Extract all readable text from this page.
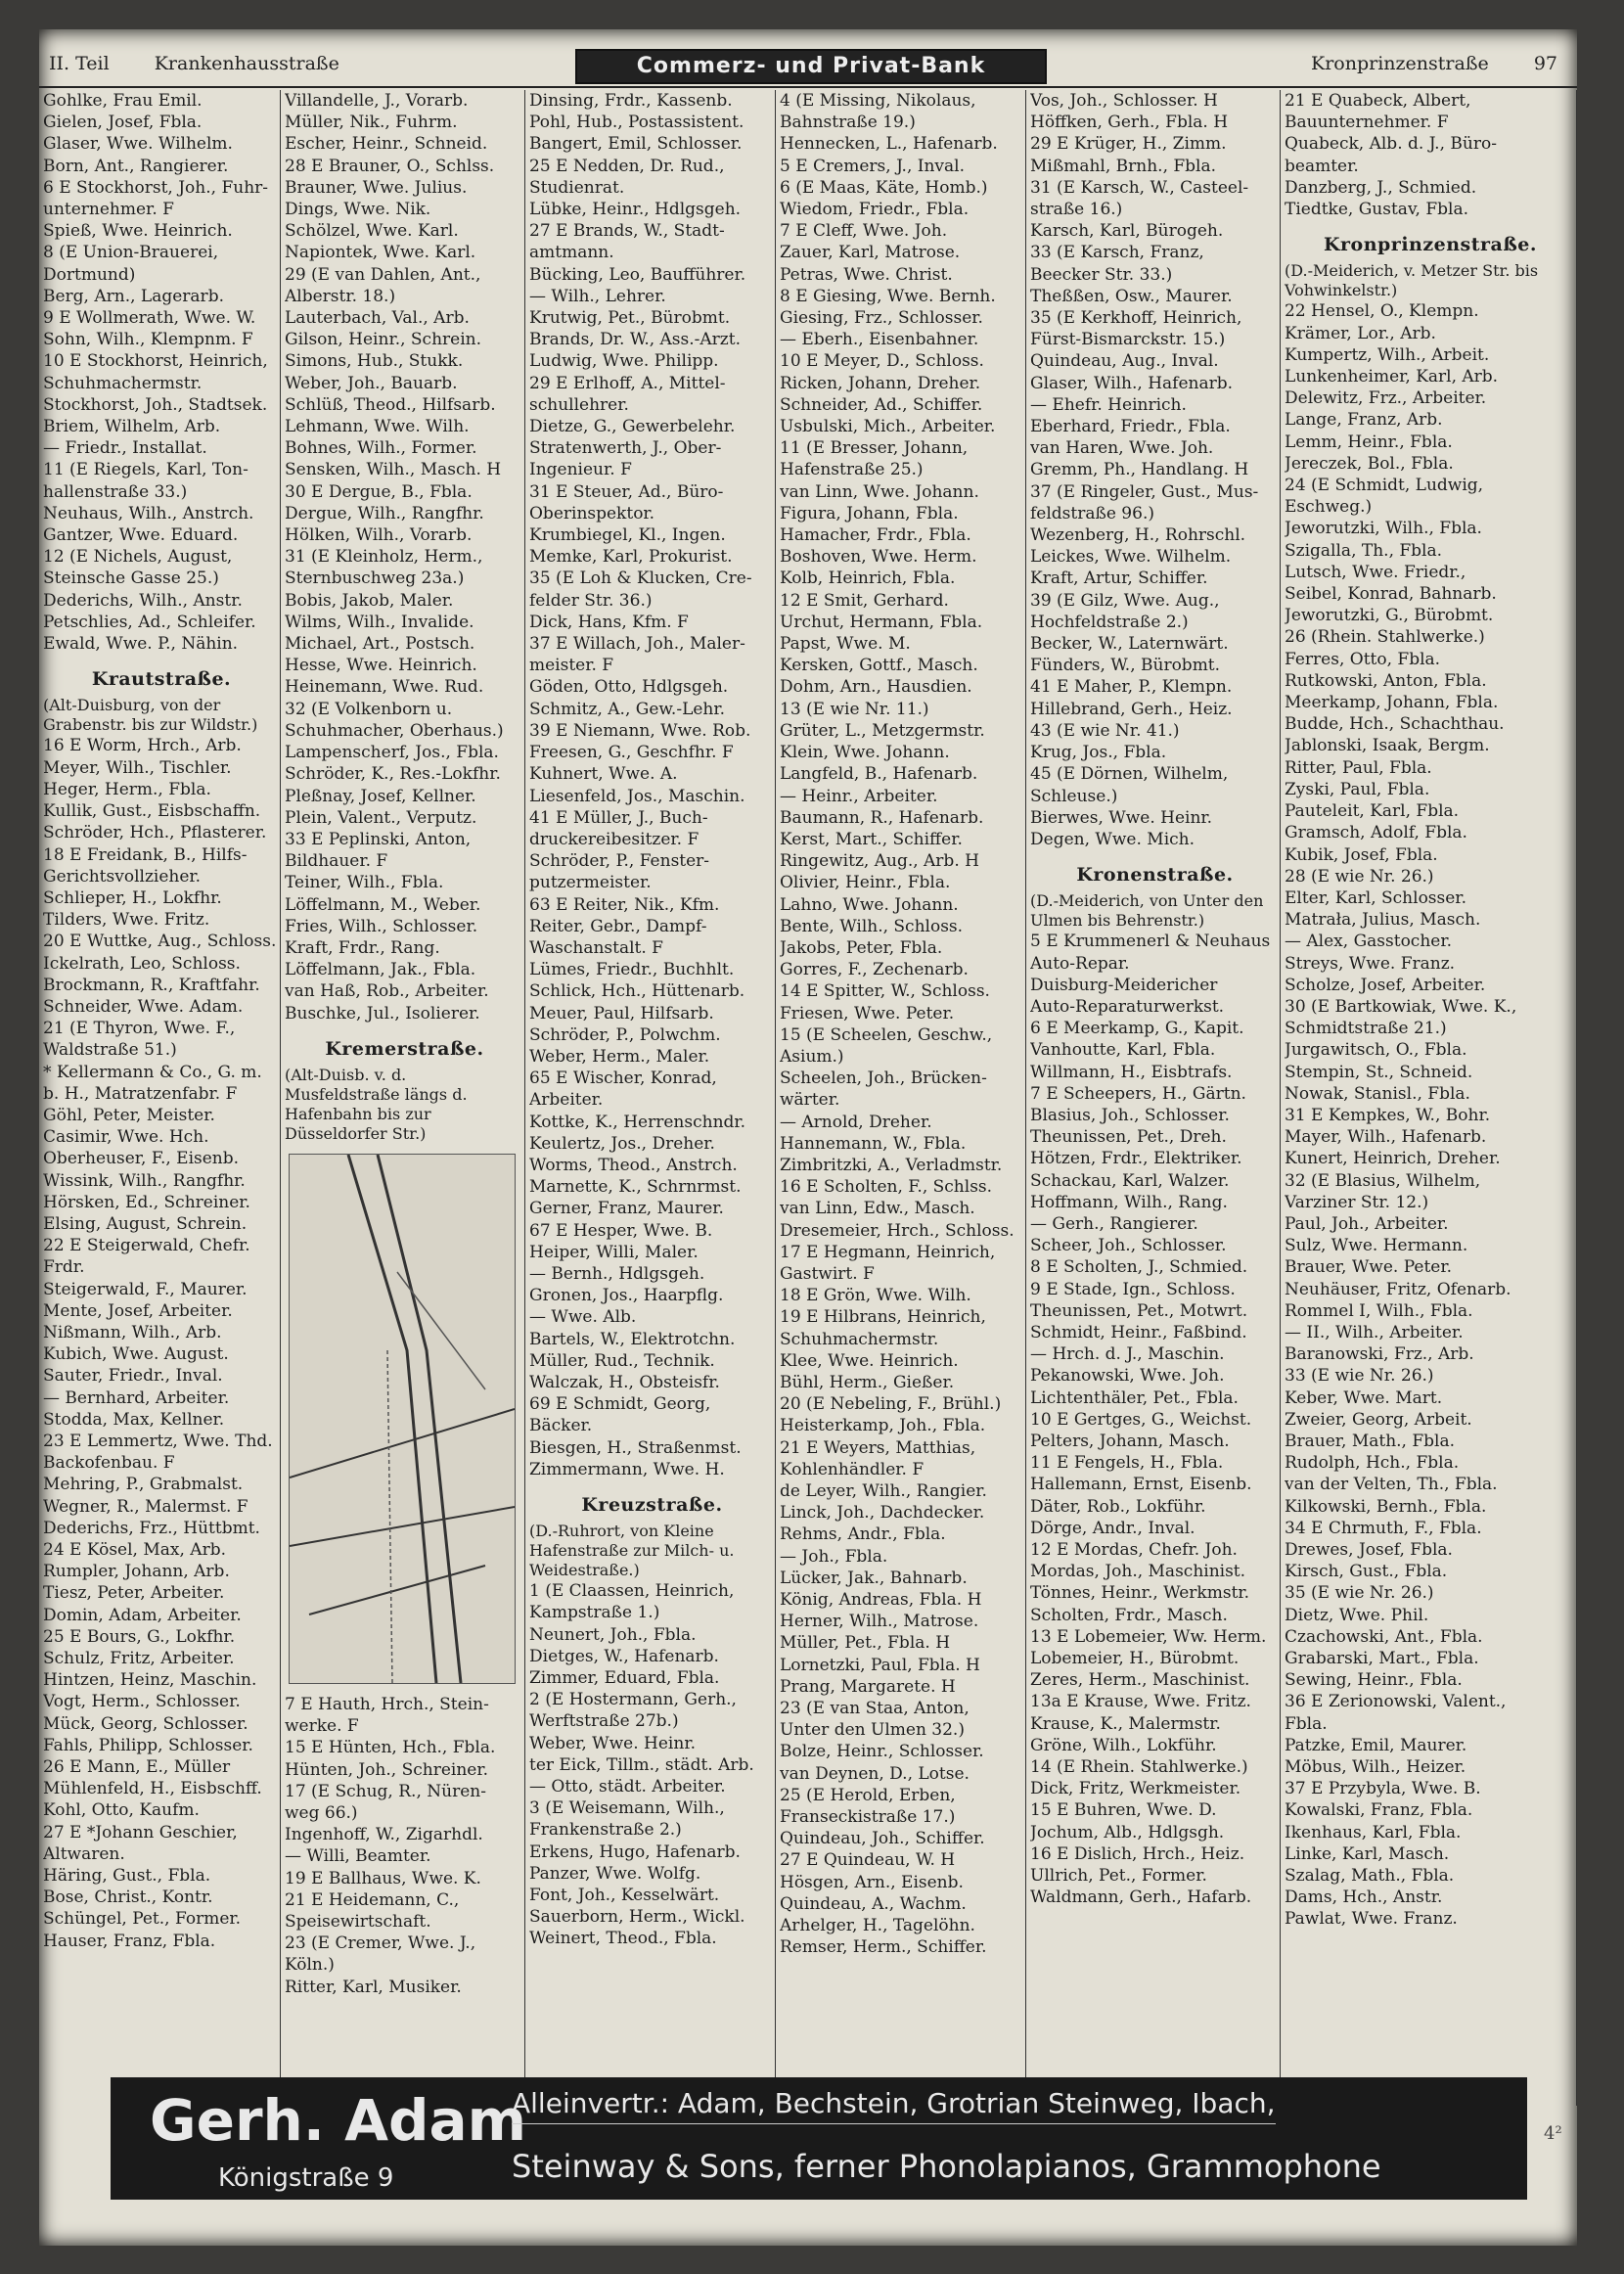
II. Teil Krankenhausstraße	Commerz- und Privat-Bank	Kronprinzenstraße 97
Gohlke, Frau Emil.
Gielen, Josef, Fbla.
Glaser, Wwe. Wilhelm.
Born, Ant., Rangierer.
6 E Stockhorst, Joh., Fuhr-
unternehmer. F
Spieß, Wwe. Heinrich.
8 (E Union-Brauerei,
Dortmund)
Berg, Arn., Lagerarb.
9 E Wollmerath, Wwe. W.
Sohn, Wilh., Klempnm. F
10 E Stockhorst, Heinrich,
Schuhmachermstr.
Stockhorst, Joh., Stadtsek.
Briem, Wilhelm, Arb.
— Friedr., Installat.
11 (E Riegels, Karl, Ton-
hallenstraße 33.)
Neuhaus, Wilh., Anstrch.
Gantzer, Wwe. Eduard.
12 (E Nichels, August,
Steinsche Gasse 25.)
Dederichs, Wilh., Anstr.
Petschlies, Ad., Schleifer.
Ewald, Wwe. P., Nähin.
Krautstraße.
(Alt-Duisburg, von der Grabenstr. bis zur Wildstr.)
16 E Worm, Hrch., Arb.
Meyer, Wilh., Tischler.
Heger, Herm., Fbla.
Kullik, Gust., Eisbschaffn.
Schröder, Hch., Pflasterer.
18 E Freidank, B., Hilfs-
Gerichtsvollzieher.
Schlieper, H., Lokfhr.
Tilders, Wwe. Fritz.
20 E Wuttke, Aug., Schloss.
Ickelrath, Leo, Schloss.
Brockmann, R., Kraftfahr.
Schneider, Wwe. Adam.
21 (E Thyron, Wwe. F.,
Waldstraße 51.)
* Kellermann & Co., G. m.
b. H., Matratzenfabr. F
Göhl, Peter, Meister.
Casimir, Wwe. Hch.
Oberheuser, F., Eisenb.
Wissink, Wilh., Rangfhr.
Hörsken, Ed., Schreiner.
Elsing, August, Schrein.
22 E Steigerwald, Chefr.
Frdr.
Steigerwald, F., Maurer.
Mente, Josef, Arbeiter.
Nißmann, Wilh., Arb.
Kubich, Wwe. August.
Sauter, Friedr., Inval.
— Bernhard, Arbeiter.
Stodda, Max, Kellner.
23 E Lemmertz, Wwe. Thd.
Backofenbau. F
Mehring, P., Grabmalst.
Wegner, R., Malermst. F
Dederichs, Frz., Hüttbmt.
24 E Kösel, Max, Arb.
Rumpler, Johann, Arb.
Tiesz, Peter, Arbeiter.
Domin, Adam, Arbeiter.
25 E Bours, G., Lokfhr.
Schulz, Fritz, Arbeiter.
Hintzen, Heinz, Maschin.
Vogt, Herm., Schlosser.
Mück, Georg, Schlosser.
Fahls, Philipp, Schlosser.
26 E Mann, E., Müller
Mühlenfeld, H., Eisbschff.
Kohl, Otto, Kaufm.
27 E *Johann Geschier,
Altwaren.
Häring, Gust., Fbla.
Bose, Christ., Kontr.
Schüngel, Pet., Former.
Hauser, Franz, Fbla.
Villandelle, J., Vorarb.
Müller, Nik., Fuhrm.
Escher, Heinr., Schneid.
28 E Brauner, O., Schlss.
Brauner, Wwe. Julius.
Dings, Wwe. Nik.
Schölzel, Wwe. Karl.
Napiontek, Wwe. Karl.
29 (E van Dahlen, Ant.,
Alberstr. 18.)
Lauterbach, Val., Arb.
Gilson, Heinr., Schrein.
Simons, Hub., Stukk.
Weber, Joh., Bauarb.
Schlüß, Theod., Hilfsarb.
Lehmann, Wwe. Wilh.
Bohnes, Wilh., Former.
Sensken, Wilh., Masch. H
30 E Dergue, B., Fbla.
Dergue, Wilh., Rangfhr.
Hölken, Wilh., Vorarb.
31 (E Kleinholz, Herm.,
Sternbuschweg 23a.)
Bobis, Jakob, Maler.
Wilms, Wilh., Invalide.
Michael, Art., Postsch.
Hesse, Wwe. Heinrich.
Heinemann, Wwe. Rud.
32 (E Volkenborn u.
Schuhmacher, Oberhaus.)
Lampenscherf, Jos., Fbla.
Schröder, K., Res.-Lokfhr.
Pleßnay, Josef, Kellner.
Plein, Valent., Verputz.
33 E Peplinski, Anton,
Bildhauer. F
Teiner, Wilh., Fbla.
Löffelmann, M., Weber.
Fries, Wilh., Schlosser.
Kraft, Frdr., Rang.
Löffelmann, Jak., Fbla.
van Haß, Rob., Arbeiter.
Buschke, Jul., Isolierer.
Kremerstraße.
(Alt-Duisb. v. d. Musfeldstraße längs d. Hafenbahn bis zur Düsseldorfer Str.)
7 E Hauth, Hrch., Stein-
werke. F
15 E Hünten, Hch., Fbla.
Hünten, Joh., Schreiner.
17 (E Schug, R., Nüren-
weg 66.)
Ingenhoff, W., Zigarhdl.
— Willi, Beamter.
19 E Ballhaus, Wwe. K.
21 E Heidemann, C.,
Speisewirtschaft.
23 (E Cremer, Wwe. J.,
Köln.)
Ritter, Karl, Musiker.
Dinsing, Frdr., Kassenb.
Pohl, Hub., Postassistent.
Bangert, Emil, Schlosser.
25 E Nedden, Dr. Rud.,
Studienrat.
Lübke, Heinr., Hdlgsgeh.
27 E Brands, W., Stadt-
amtmann.
Bücking, Leo, Baufführer.
— Wilh., Lehrer.
Krutwig, Pet., Bürobmt.
Brands, Dr. W., Ass.-Arzt.
Ludwig, Wwe. Philipp.
29 E Erlhoff, A., Mittel-
schullehrer.
Dietze, G., Gewerbelehr.
Stratenwerth, J., Ober-
Ingenieur. F
31 E Steuer, Ad., Büro-
Oberinspektor.
Krumbiegel, Kl., Ingen.
Memke, Karl, Prokurist.
35 (E Loh & Klucken, Cre-
felder Str. 36.)
Dick, Hans, Kfm. F
37 E Willach, Joh., Maler-
meister. F
Göden, Otto, Hdlgsgeh.
Schmitz, A., Gew.-Lehr.
39 E Niemann, Wwe. Rob.
Freesen, G., Geschfhr. F
Kuhnert, Wwe. A.
Liesenfeld, Jos., Maschin.
41 E Müller, J., Buch-
druckereibesitzer. F
Schröder, P., Fenster-
putzermeister.
63 E Reiter, Nik., Kfm.
Reiter, Gebr., Dampf-
Waschanstalt. F
Lümes, Friedr., Buchhlt.
Schlick, Hch., Hüttenarb.
Meuer, Paul, Hilfsarb.
Schröder, P., Polwchm.
Weber, Herm., Maler.
65 E Wischer, Konrad,
Arbeiter.
Kottke, K., Herrenschndr.
Keulertz, Jos., Dreher.
Worms, Theod., Anstrch.
Marnette, K., Schrnrmst.
Gerner, Franz, Maurer.
67 E Hesper, Wwe. B.
Heiper, Willi, Maler.
— Bernh., Hdlgsgeh.
Gronen, Jos., Haarpflg.
— Wwe. Alb.
Bartels, W., Elektrotchn.
Müller, Rud., Technik.
Walczak, H., Obsteisfr.
69 E Schmidt, Georg,
Bäcker.
Biesgen, H., Straßenmst.
Zimmermann, Wwe. H.
Kreuzstraße.
(D.-Ruhrort, von Kleine Hafenstraße zur Milch- u. Weidestraße.)
1 (E Claassen, Heinrich,
Kampstraße 1.)
Neunert, Joh., Fbla.
Dietges, W., Hafenarb.
Zimmer, Eduard, Fbla.
2 (E Hostermann, Gerh.,
Werftstraße 27b.)
Weber, Wwe. Heinr.
ter Eick, Tillm., städt. Arb.
— Otto, städt. Arbeiter.
3 (E Weisemann, Wilh.,
Frankenstraße 2.)
Erkens, Hugo, Hafenarb.
Panzer, Wwe. Wolfg.
Font, Joh., Kesselwärt.
Sauerborn, Herm., Wickl.
Weinert, Theod., Fbla.
4 (E Missing, Nikolaus,
Bahnstraße 19.)
Hennecken, L., Hafenarb.
5 E Cremers, J., Inval.
6 (E Maas, Käte, Homb.)
Wiedom, Friedr., Fbla.
7 E Cleff, Wwe. Joh.
Zauer, Karl, Matrose.
Petras, Wwe. Christ.
8 E Giesing, Wwe. Bernh.
Giesing, Frz., Schlosser.
— Eberh., Eisenbahner.
10 E Meyer, D., Schloss.
Ricken, Johann, Dreher.
Schneider, Ad., Schiffer.
Usbulski, Mich., Arbeiter.
11 (E Bresser, Johann,
Hafenstraße 25.)
van Linn, Wwe. Johann.
Figura, Johann, Fbla.
Hamacher, Frdr., Fbla.
Boshoven, Wwe. Herm.
Kolb, Heinrich, Fbla.
12 E Smit, Gerhard.
Urchut, Hermann, Fbla.
Papst, Wwe. M.
Kersken, Gottf., Masch.
Dohm, Arn., Hausdien.
13 (E wie Nr. 11.)
Grüter, L., Metzgermstr.
Klein, Wwe. Johann.
Langfeld, B., Hafenarb.
— Heinr., Arbeiter.
Baumann, R., Hafenarb.
Kerst, Mart., Schiffer.
Ringewitz, Aug., Arb. H
Olivier, Heinr., Fbla.
Lahno, Wwe. Johann.
Bente, Wilh., Schloss.
Jakobs, Peter, Fbla.
Gorres, F., Zechenarb.
14 E Spitter, W., Schloss.
Friesen, Wwe. Peter.
15 (E Scheelen, Geschw.,
Asium.)
Scheelen, Joh., Brücken-
wärter.
— Arnold, Dreher.
Hannemann, W., Fbla.
Zimbritzki, A., Verladmstr.
16 E Scholten, F., Schlss.
van Linn, Edw., Masch.
Dresemeier, Hrch., Schloss.
17 E Hegmann, Heinrich,
Gastwirt. F
18 E Grön, Wwe. Wilh.
19 E Hilbrans, Heinrich,
Schuhmachermstr.
Klee, Wwe. Heinrich.
Bühl, Herm., Gießer.
20 (E Nebeling, F., Brühl.)
Heisterkamp, Joh., Fbla.
21 E Weyers, Matthias,
Kohlenhändler. F
de Leyer, Wilh., Rangier.
Linck, Joh., Dachdecker.
Rehms, Andr., Fbla.
— Joh., Fbla.
Lücker, Jak., Bahnarb.
König, Andreas, Fbla. H
Herner, Wilh., Matrose.
Müller, Pet., Fbla. H
Lornetzki, Paul, Fbla. H
Prang, Margarete. H
23 (E van Staa, Anton,
Unter den Ulmen 32.)
Bolze, Heinr., Schlosser.
van Deynen, D., Lotse.
25 (E Herold, Erben,
Franseckistraße 17.)
Quindeau, Joh., Schiffer.
27 E Quindeau, W. H
Hösgen, Arn., Eisenb.
Quindeau, A., Wachm.
Arhelger, H., Tagelöhn.
Remser, Herm., Schiffer.
Vos, Joh., Schlosser. H
Höffken, Gerh., Fbla. H
29 E Krüger, H., Zimm.
Mißmahl, Brnh., Fbla.
31 (E Karsch, W., Casteel-
straße 16.)
Karsch, Karl, Bürogeh.
33 (E Karsch, Franz,
Beecker Str. 33.)
Theßßen, Osw., Maurer.
35 (E Kerkhoff, Heinrich,
Fürst-Bismarckstr. 15.)
Quindeau, Aug., Inval.
Glaser, Wilh., Hafenarb.
— Ehefr. Heinrich.
Eberhard, Friedr., Fbla.
van Haren, Wwe. Joh.
Gremm, Ph., Handlang. H
37 (E Ringeler, Gust., Mus-
feldstraße 96.)
Wezenberg, H., Rohrschl.
Leickes, Wwe. Wilhelm.
Kraft, Artur, Schiffer.
39 (E Gilz, Wwe. Aug.,
Hochfeldstraße 2.)
Becker, W., Laternwärt.
Fünders, W., Bürobmt.
41 E Maher, P., Klempn.
Hillebrand, Gerh., Heiz.
43 (E wie Nr. 41.)
Krug, Jos., Fbla.
45 (E Dörnen, Wilhelm,
Schleuse.)
Bierwes, Wwe. Heinr.
Degen, Wwe. Mich.
Kronenstraße.
(D.-Meiderich, von Unter den Ulmen bis Behrenstr.)
5 E Krummenerl & Neuhaus
Auto-Repar.
Duisburg-Meidericher
Auto-Reparaturwerkst.
6 E Meerkamp, G., Kapit.
Vanhoutte, Karl, Fbla.
Willmann, H., Eisbtrafs.
7 E Scheepers, H., Gärtn.
Blasius, Joh., Schlosser.
Theunissen, Pet., Dreh.
Hötzen, Frdr., Elektriker.
Schackau, Karl, Walzer.
Hoffmann, Wilh., Rang.
— Gerh., Rangierer.
Scheer, Joh., Schlosser.
8 E Scholten, J., Schmied.
9 E Stade, Ign., Schloss.
Theunissen, Pet., Motwrt.
Schmidt, Heinr., Faßbind.
— Hrch. d. J., Maschin.
Pekanowski, Wwe. Joh.
Lichtenthäler, Pet., Fbla.
10 E Gertges, G., Weichst.
Pelters, Johann, Masch.
11 E Fengels, H., Fbla.
Hallemann, Ernst, Eisenb.
Däter, Rob., Lokführ.
Dörge, Andr., Inval.
12 E Mordas, Chefr. Joh.
Mordas, Joh., Maschinist.
Tönnes, Heinr., Werkmstr.
Scholten, Frdr., Masch.
13 E Lobemeier, Ww. Herm.
Lobemeier, H., Bürobmt.
Zeres, Herm., Maschinist.
13a E Krause, Wwe. Fritz.
Krause, K., Malermstr.
Gröne, Wilh., Lokführ.
14 (E Rhein. Stahlwerke.)
Dick, Fritz, Werkmeister.
15 E Buhren, Wwe. D.
Jochum, Alb., Hdlgsgh.
16 E Dislich, Hrch., Heiz.
Ullrich, Pet., Former.
Waldmann, Gerh., Hafarb.
21 E Quabeck, Albert,
Bauunternehmer. F
Quabeck, Alb. d. J., Büro-
beamter.
Danzberg, J., Schmied.
Tiedtke, Gustav, Fbla.
Kronprinzenstraße.
(D.-Meiderich, v. Metzer Str. bis Vohwinkelstr.)
22 Hensel, O., Klempn.
Krämer, Lor., Arb.
Kumpertz, Wilh., Arbeit.
Lunkenheimer, Karl, Arb.
Delewitz, Frz., Arbeiter.
Lange, Franz, Arb.
Lemm, Heinr., Fbla.
Jereczek, Bol., Fbla.
24 (E Schmidt, Ludwig,
Eschweg.)
Jeworutzki, Wilh., Fbla.
Szigalla, Th., Fbla.
Lutsch, Wwe. Friedr.,
Seibel, Konrad, Bahnarb.
Jeworutzki, G., Bürobmt.
26 (Rhein. Stahlwerke.)
Ferres, Otto, Fbla.
Rutkowski, Anton, Fbla.
Meerkamp, Johann, Fbla.
Budde, Hch., Schachthau.
Jablonski, Isaak, Bergm.
Ritter, Paul, Fbla.
Zyski, Paul, Fbla.
Pauteleit, Karl, Fbla.
Gramsch, Adolf, Fbla.
Kubik, Josef, Fbla.
28 (E wie Nr. 26.)
Elter, Karl, Schlosser.
Matrała, Julius, Masch.
— Alex, Gasstocher.
Streys, Wwe. Franz.
Scholze, Josef, Arbeiter.
30 (E Bartkowiak, Wwe. K.,
Schmidtstraße 21.)
Jurgawitsch, O., Fbla.
Stempin, St., Schneid.
Nowak, Stanisl., Fbla.
31 E Kempkes, W., Bohr.
Mayer, Wilh., Hafenarb.
Kunert, Heinrich, Dreher.
32 (E Blasius, Wilhelm,
Varziner Str. 12.)
Paul, Joh., Arbeiter.
Sulz, Wwe. Hermann.
Brauer, Wwe. Peter.
Neuhäuser, Fritz, Ofenarb.
Rommel I, Wilh., Fbla.
— II., Wilh., Arbeiter.
Baranowski, Frz., Arb.
33 (E wie Nr. 26.)
Keber, Wwe. Mart.
Zweier, Georg, Arbeit.
Brauer, Math., Fbla.
Rudolph, Hch., Fbla.
van der Velten, Th., Fbla.
Kilkowski, Bernh., Fbla.
34 E Chrmuth, F., Fbla.
Drewes, Josef, Fbla.
Kirsch, Gust., Fbla.
35 (E wie Nr. 26.)
Dietz, Wwe. Phil.
Czachowski, Ant., Fbla.
Grabarski, Mart., Fbla.
Sewing, Heinr., Fbla.
36 E Zerionowski, Valent.,
Fbla.
Patzke, Emil, Maurer.
Möbus, Wilh., Heizer.
37 E Przybyla, Wwe. B.
Kowalski, Franz, Fbla.
Ikenhaus, Karl, Fbla.
Linke, Karl, Masch.
Szalag, Math., Fbla.
Dams, Hch., Anstr.
Pawlat, Wwe. Franz.
4²
Gerh. Adam
Königstraße 9
Alleinvertr.: Adam, Bechstein, Grotrian Steinweg, Ibach,
Steinway & Sons, ferner Phonolapianos, Grammophone
